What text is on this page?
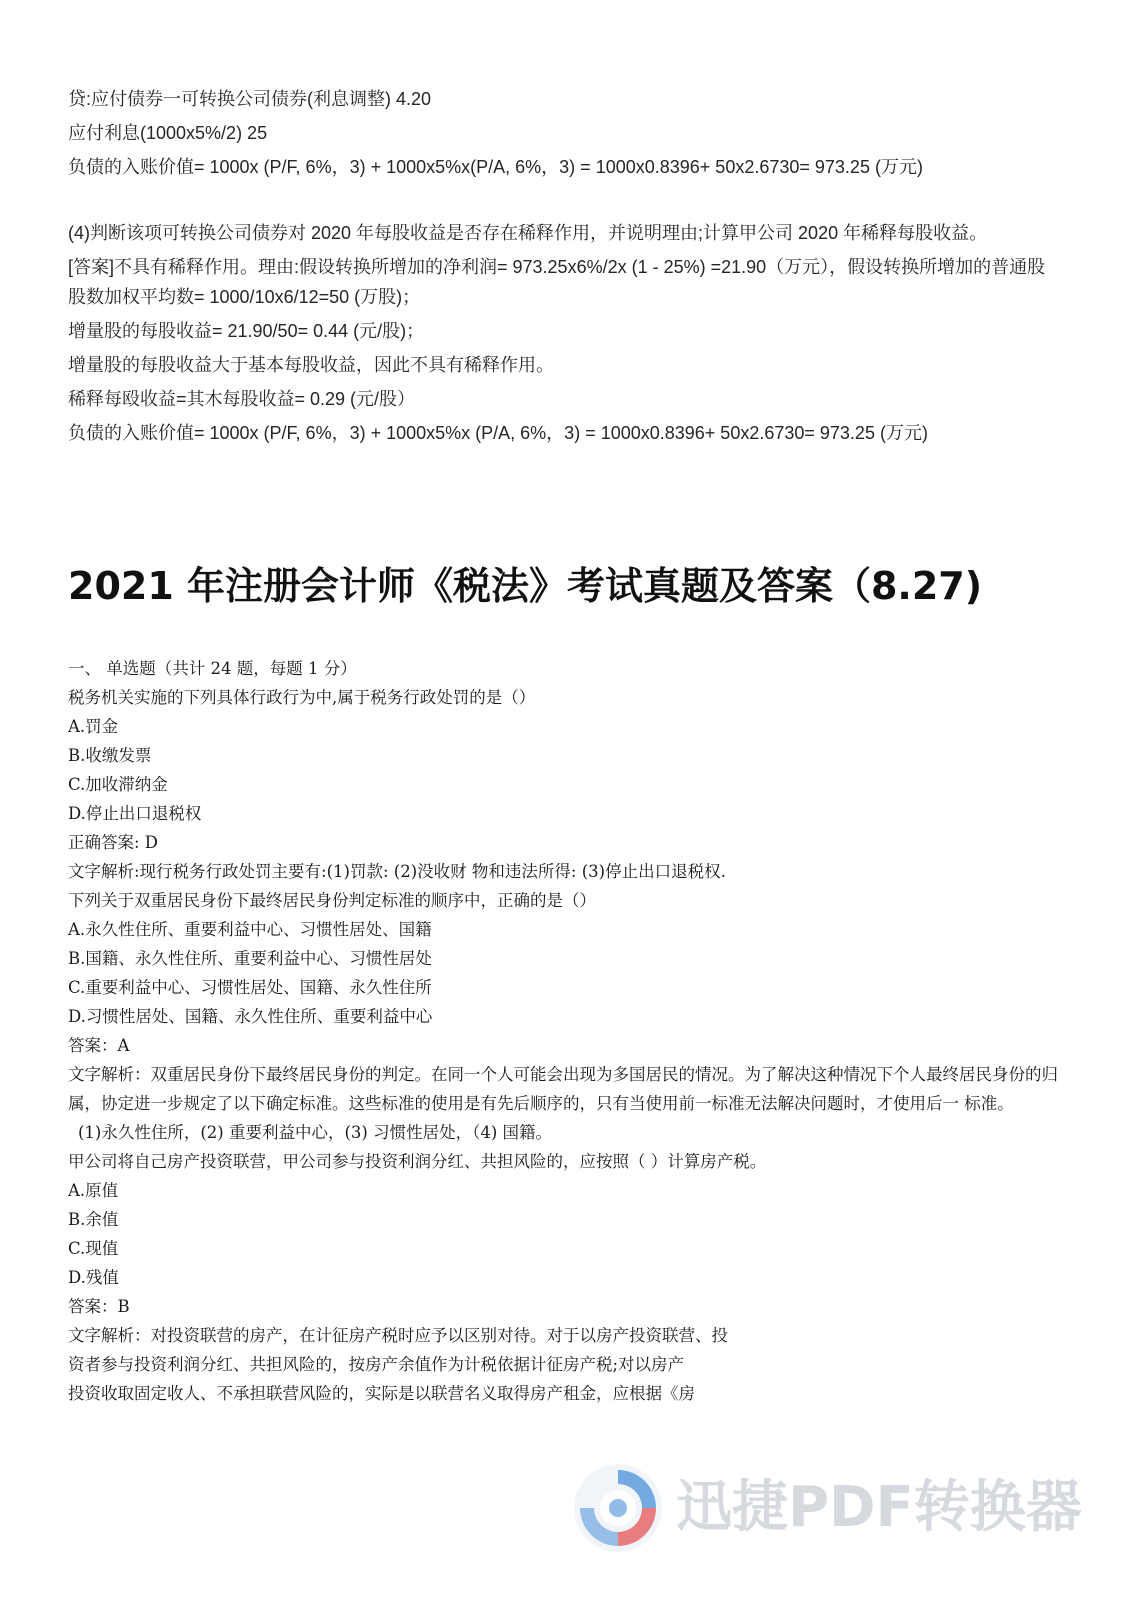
贷:应付债券一可转换公司债券(利息调整) 4.20
应付利息(1000x5%/2) 25
负债的入账价值= 1000x (P/F, 6%，3) + 1000x5%x(P/A, 6%，3) = 1000x0.8396+ 50x2.6730= 973.25 (万元)
(4)判断该项可转换公司债券对 2020 年每股收益是否存在稀释作用，并说明理由;计算甲公司 2020 年稀释每股收益。
[答案]不具有稀释作用。理由:假设转换所增加的净利润= 973.25x6%/2x (1 - 25%) =21.90（万元），假设转换所增加的普通股股数加权平均数= 1000/10x6/12=50 (万股)；
增量股的每股收益= 21.90/50= 0.44 (元/股)；
增量股的每股收益大于基本每股收益，因此不具有稀释作用。
稀释每殴收益=其木每股收益= 0.29 (元/股）
负债的入账价值= 1000x (P/F, 6%，3) + 1000x5%x (P/A, 6%，3) = 1000x0.8396+ 50x2.6730= 973.25 (万元)
2021 年注册会计师《税法》考试真题及答案（8.27)
一、 单选题（共计 24 题，每题 1 分）
税务机关实施的下列具体行政行为中,属于税务行政处罚的是（）
A.罚金
B.收缴发票
C.加收滞纳金
D.停止出口退税权
正确答案: D
文字解析:现行税务行政处罚主要有:(1)罚款: (2)没收财 物和违法所得: (3)停止出口退税权.
下列关于双重居民身份下最终居民身份判定标准的顺序中，正确的是（）
A.永久性住所、重要利益中心、习惯性居处、国籍
B.国籍、永久性住所、重要利益中心、习惯性居处
C.重要利益中心、习惯性居处、国籍、永久性住所
D.习惯性居处、国籍、永久性住所、重要利益中心
答案：A
文字解析：双重居民身份下最终居民身份的判定。在同一个人可能会出现为多国居民的情况。为了解决这种情况下个人最终居民身份的归属，协定进一步规定了以下确定标准。这些标准的使用是有先后顺序的，只有当使用前一标准无法解决问题时，才使用后一 标准。
(1)永久性住所，(2) 重要利益中心，(3) 习惯性居处，（4) 国籍。
甲公司将自己房产投资联营，甲公司参与投资利润分红、共担风险的，应按照（ ）计算房产税。
A.原值
B.余值
C.现值
D.残值
答案：B
文字解析：对投资联营的房产，在计征房产税时应予以区别对待。对于以房产投资联营、投
资者参与投资利润分红、共担风险的，按房产余值作为计税依据计征房产税;对以房产
投资收取固定收人、不承担联营风险的，实际是以联营名义取得房产租金，应根据《房
迅捷PDF转换器
